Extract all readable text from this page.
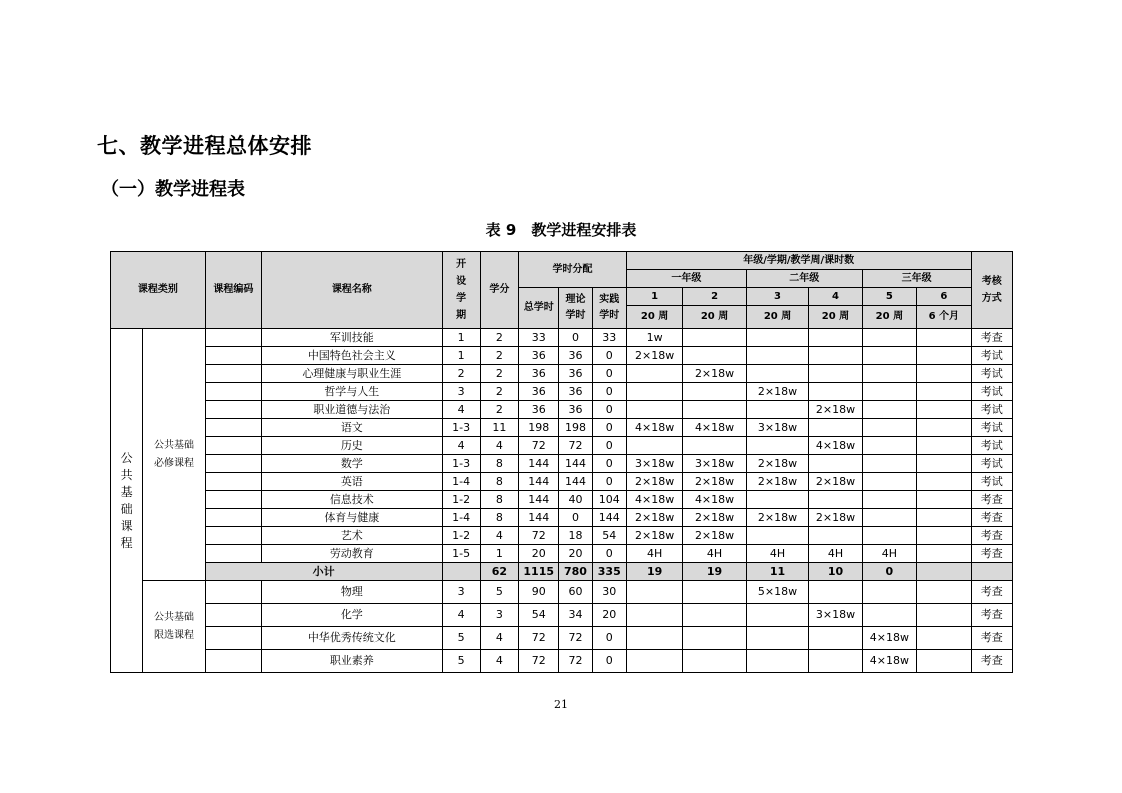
七、教学进程总体安排
（一）教学进程表
表 9　教学进程安排表
课程类别		课程编码	课程名称	开设学期	学分	学时分配			年级/学期/教学周/课时数						考核方式
									一年级		二年级		三年级		
						总学时	理论学时	实践学时	1	2	3	4	5	6	
									20 周	20 周	20 周	20 周	20 周	6 个月	
公共基础课程	公共基础必修课程		军训技能	1	2	33	0	33	1w						考查
			中国特色社会主义	1	2	36	36	0	2×18w						考试
			心理健康与职业生涯	2	2	36	36	0		2×18w					考试
			哲学与人生	3	2	36	36	0			2×18w				考试
			职业道德与法治	4	2	36	36	0				2×18w			考试
			语文	1-3	11	198	198	0	4×18w	4×18w	3×18w				考试
			历史	4	4	72	72	0				4×18w			考试
			数学	1-3	8	144	144	0	3×18w	3×18w	2×18w				考试
			英语	1-4	8	144	144	0	2×18w	2×18w	2×18w	2×18w			考试
			信息技术	1-2	8	144	40	104	4×18w	4×18w					考查
			体育与健康	1-4	8	144	0	144	2×18w	2×18w	2×18w	2×18w			考查
			艺术	1-2	4	72	18	54	2×18w	2×18w					考查
			劳动教育	1-5	1	20	20	0	4H	4H	4H	4H	4H		考查
		小计			62	1115	780	335	19	19	11	10	0		
	公共基础限选课程		物理	3	5	90	60	30			5×18w				考查
			化学	4	3	54	34	20				3×18w			考查
			中华优秀传统文化	5	4	72	72	0					4×18w		考查
			职业素养	5	4	72	72	0					4×18w		考查
21
